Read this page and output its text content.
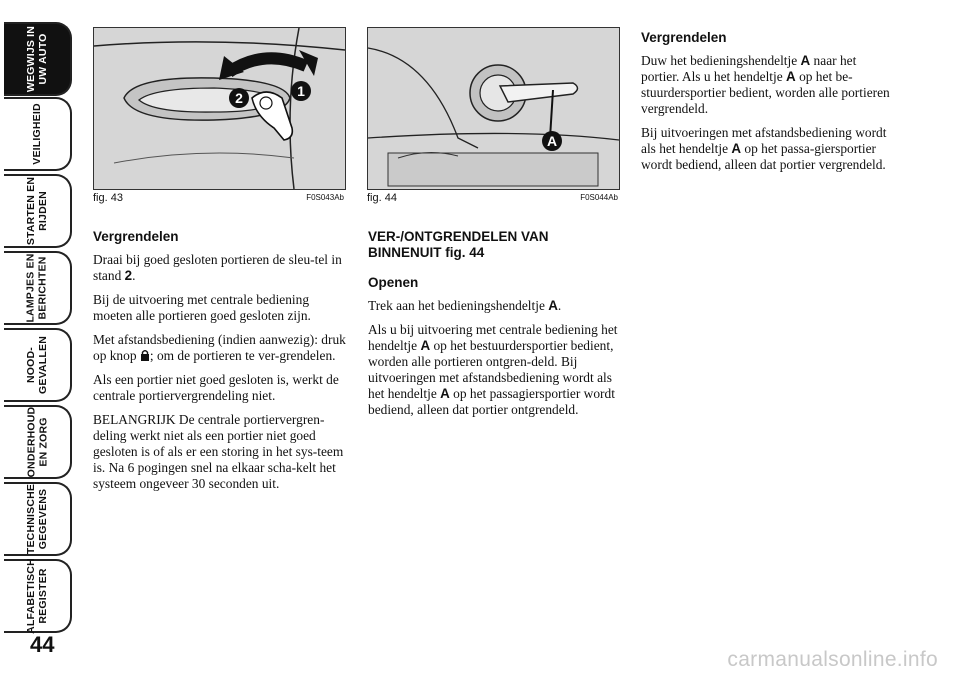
WEGWIJS IN
UW AUTO
VEILIGHEID
STARTEN EN
RIJDEN
LAMPJES EN
BERICHTEN
NOOD-
GEVALLEN
ONDERHOUD
EN ZORG
TECHNISCHE
GEGEVENS
ALFABETISCH
REGISTER
44
2	1
fig. 43	F0S043Ab
A
fig. 44	F0S044Ab
Vergrendelen

Draai bij goed gesloten portieren de sleu-tel in stand 2.

Bij de uitvoering met centrale bediening moeten alle portieren goed gesloten zijn.

Met afstandsbediening (indien aanwezig): druk op knop ; om de portieren te ver-grendelen.

Als een portier niet goed gesloten is, werkt de centrale portiervergrendeling niet.

BELANGRIJK De centrale portiervergren-deling werkt niet als een portier niet goed gesloten is of als er een storing in het sys-teem is. Na 6 pogingen snel na elkaar scha-kelt het systeem ongeveer 30 seconden uit.

VER-/ONTGRENDELEN VAN BINNENUIT fig. 44
Openen

Trek aan het bedieningshendeltje A.

Als u bij uitvoering met centrale bediening het hendeltje A op het bestuurdersportier bedient, worden alle portieren ontgren-deld. Bij uitvoeringen met afstandsbediening wordt als het hendeltje A op het passagiersportier wordt bediend, alleen dat portier ontgrendeld.

Vergrendelen

Duw het bedieningshendeltje A naar het portier. Als u het hendeltje A op het be-stuurdersportier bedient, worden alle portieren vergrendeld.

Bij uitvoeringen met afstandsbediening wordt als het hendeltje A op het passa-giersportier wordt bediend, alleen dat portier vergrendeld.

carmanualsonline.info
